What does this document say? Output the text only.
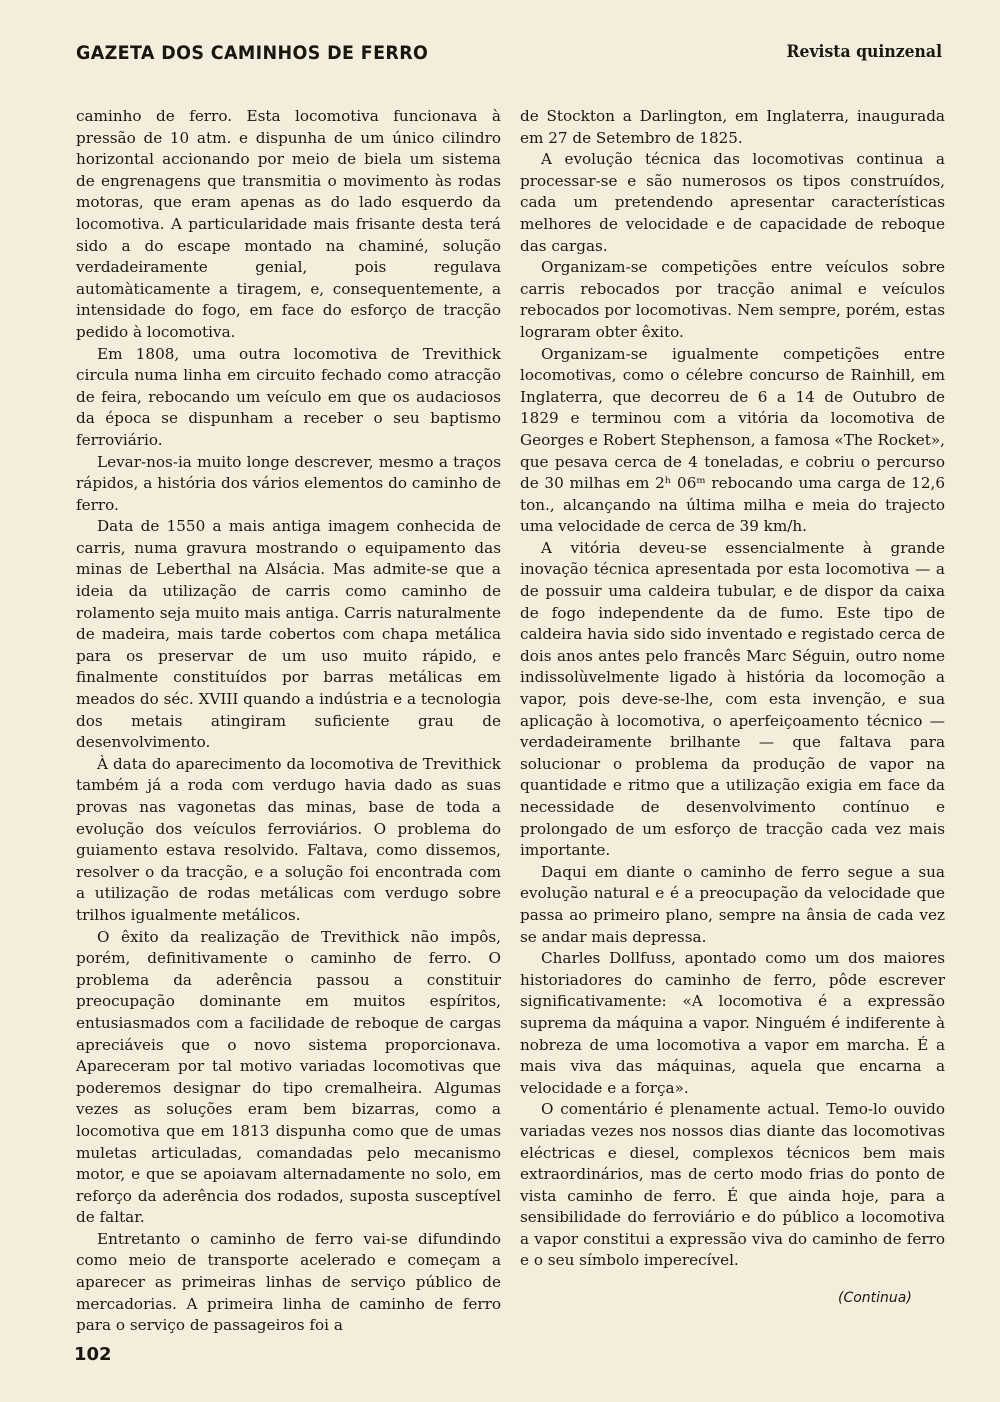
GAZETA DOS CAMINHOS DE FERRO	Revista quinzenal

caminho de ferro. Esta locomotiva funcionava à pressão de 10 atm. e dispunha de um único cilindro horizontal accionando por meio de biela um sistema de engrenagens que transmitia o movimento às rodas motoras, que eram apenas as do lado esquerdo da locomotiva. A particularidade mais frisante desta terá sido a do escape montado na chaminé, solução verdadeiramente genial, pois regulava automàticamente a tiragem, e, consequentemente, a intensidade do fogo, em face do esforço de tracção pedido à locomotiva.

Em 1808, uma outra locomotiva de Trevithick circula numa linha em circuito fechado como atracção de feira, rebocando um veículo em que os audaciosos da época se dispunham a receber o seu baptismo ferroviário.

Levar-nos-ia muito longe descrever, mesmo a traços rápidos, a história dos vários elementos do caminho de ferro.

Data de 1550 a mais antiga imagem conhecida de carris, numa gravura mostrando o equipamento das minas de Leberthal na Alsácia. Mas admite-se que a ideia da utilização de carris como caminho de rolamento seja muito mais antiga. Carris naturalmente de madeira, mais tarde cobertos com chapa metálica para os preservar de um uso muito rápido, e finalmente constituídos por barras metálicas em meados do séc. XVIII quando a indústria e a tecnologia dos metais atingiram suficiente grau de desenvolvimento.

À data do aparecimento da locomotiva de Trevithick também já a roda com verdugo havia dado as suas provas nas vagonetas das minas, base de toda a evolução dos veículos ferroviários. O problema do guiamento estava resolvido. Faltava, como dissemos, resolver o da tracção, e a solução foi encontrada com a utilização de rodas metálicas com verdugo sobre trilhos igualmente metálicos.

O êxito da realização de Trevithick não impôs, porém, definitivamente o caminho de ferro. O problema da aderência passou a constituir preocupação dominante em muitos espíritos, entusiasmados com a facilidade de reboque de cargas apreciáveis que o novo sistema proporcionava. Apareceram por tal motivo variadas locomotivas que poderemos designar do tipo cremalheira. Algumas vezes as soluções eram bem bizarras, como a locomotiva que em 1813 dispunha como que de umas muletas articuladas, comandadas pelo mecanismo motor, e que se apoiavam alternadamente no solo, em reforço da aderência dos rodados, suposta susceptível de faltar.

Entretanto o caminho de ferro vai-se difundindo como meio de transporte acelerado e começam a aparecer as primeiras linhas de serviço público de mercadorias. A primeira linha de caminho de ferro para o serviço de passageiros foi a

de Stockton a Darlington, em Inglaterra, inaugurada em 27 de Setembro de 1825.

A evolução técnica das locomotivas continua a processar-se e são numerosos os tipos construídos, cada um pretendendo apresentar características melhores de velocidade e de capacidade de reboque das cargas.

Organizam-se competições entre veículos sobre carris rebocados por tracção animal e veículos rebocados por locomotivas. Nem sempre, porém, estas lograram obter êxito.

Organizam-se igualmente competições entre locomotivas, como o célebre concurso de Rainhill, em Inglaterra, que decorreu de 6 a 14 de Outubro de 1829 e terminou com a vitória da locomotiva de Georges e Robert Stephenson, a famosa «The Rocket», que pesava cerca de 4 toneladas, e cobriu o percurso de 30 milhas em 2ʰ 06ᵐ rebocando uma carga de 12,6 ton., alcançando na última milha e meia do trajecto uma velocidade de cerca de 39 km/h.

A vitória deveu-se essencialmente à grande inovação técnica apresentada por esta locomotiva — a de possuir uma caldeira tubular, e de dispor da caixa de fogo independente da de fumo. Este tipo de caldeira havia sido sido inventado e registado cerca de dois anos antes pelo francês Marc Séguin, outro nome indissolùvelmente ligado à história da locomoção a vapor, pois deve-se-lhe, com esta invenção, e sua aplicação à locomotiva, o aperfeiçoamento técnico — verdadeiramente brilhante — que faltava para solucionar o problema da produção de vapor na quantidade e ritmo que a utilização exigia em face da necessidade de desenvolvimento contínuo e prolongado de um esforço de tracção cada vez mais importante.

Daqui em diante o caminho de ferro segue a sua evolução natural e é a preocupação da velocidade que passa ao primeiro plano, sempre na ânsia de cada vez se andar mais depressa.

Charles Dollfuss, apontado como um dos maiores historiadores do caminho de ferro, pôde escrever significativamente: «A locomotiva é a expressão suprema da máquina a vapor. Ninguém é indiferente à nobreza de uma locomotiva a vapor em marcha. É a mais viva das máquinas, aquela que encarna a velocidade e a força».

O comentário é plenamente actual. Temo-lo ouvido variadas vezes nos nossos dias diante das locomotivas eléctricas e diesel, complexos técnicos bem mais extraordinários, mas de certo modo frias do ponto de vista caminho de ferro. É que ainda hoje, para a sensibilidade do ferroviário e do público a locomotiva a vapor constitui a expressão viva do caminho de ferro e o seu símbolo imperecível.

(Continua)
102
